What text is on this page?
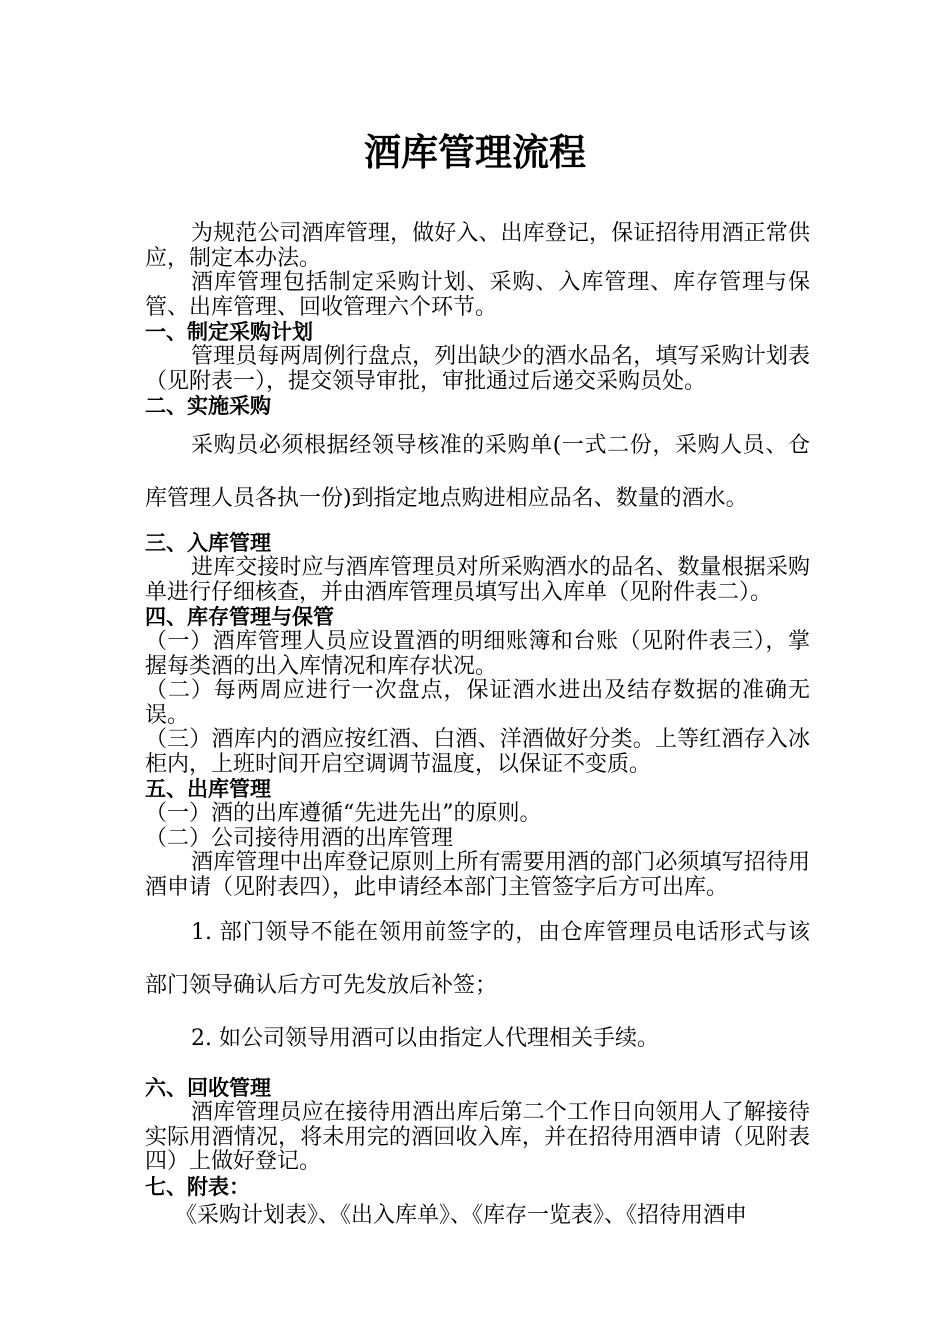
酒库管理流程

为规范公司酒库管理，做好入、出库登记，保证招待用酒正常供应，制定本办法。

酒库管理包括制定采购计划、采购、入库管理、库存管理与保管、出库管理、回收管理六个环节。

一、制定采购计划

管理员每两周例行盘点，列出缺少的酒水品名，填写采购计划表（见附表一），提交领导审批，审批通过后递交采购员处。

二、实施采购

采购员必须根据经领导核准的采购单(一式二份，采购人员、仓库管理人员各执一份)到指定地点购进相应品名、数量的酒水。

三、入库管理

进库交接时应与酒库管理员对所采购酒水的品名、数量根据采购单进行仔细核查，并由酒库管理员填写出入库单（见附件表二）。

四、库存管理与保管

（一）酒库管理人员应设置酒的明细账簿和台账（见附件表三），掌握每类酒的出入库情况和库存状况。

（二）每两周应进行一次盘点，保证酒水进出及结存数据的准确无误。

（三）酒库内的酒应按红酒、白酒、洋酒做好分类。上等红酒存入冰柜内，上班时间开启空调调节温度，以保证不变质。

五、出库管理

（一）酒的出库遵循“先进先出”的原则。

（二）公司接待用酒的出库管理

酒库管理中出库登记原则上所有需要用酒的部门必须填写招待用酒申请（见附表四），此申请经本部门主管签字后方可出库。

1. 部门领导不能在领用前签字的，由仓库管理员电话形式与该部门领导确认后方可先发放后补签；

2. 如公司领导用酒可以由指定人代理相关手续。

六、回收管理

酒库管理员应在接待用酒出库后第二个工作日向领用人了解接待实际用酒情况，将未用完的酒回收入库，并在招待用酒申请（见附表四）上做好登记。

七、附表：

《采购计划表》、《出入库单》、《库存一览表》、《招待用酒申
